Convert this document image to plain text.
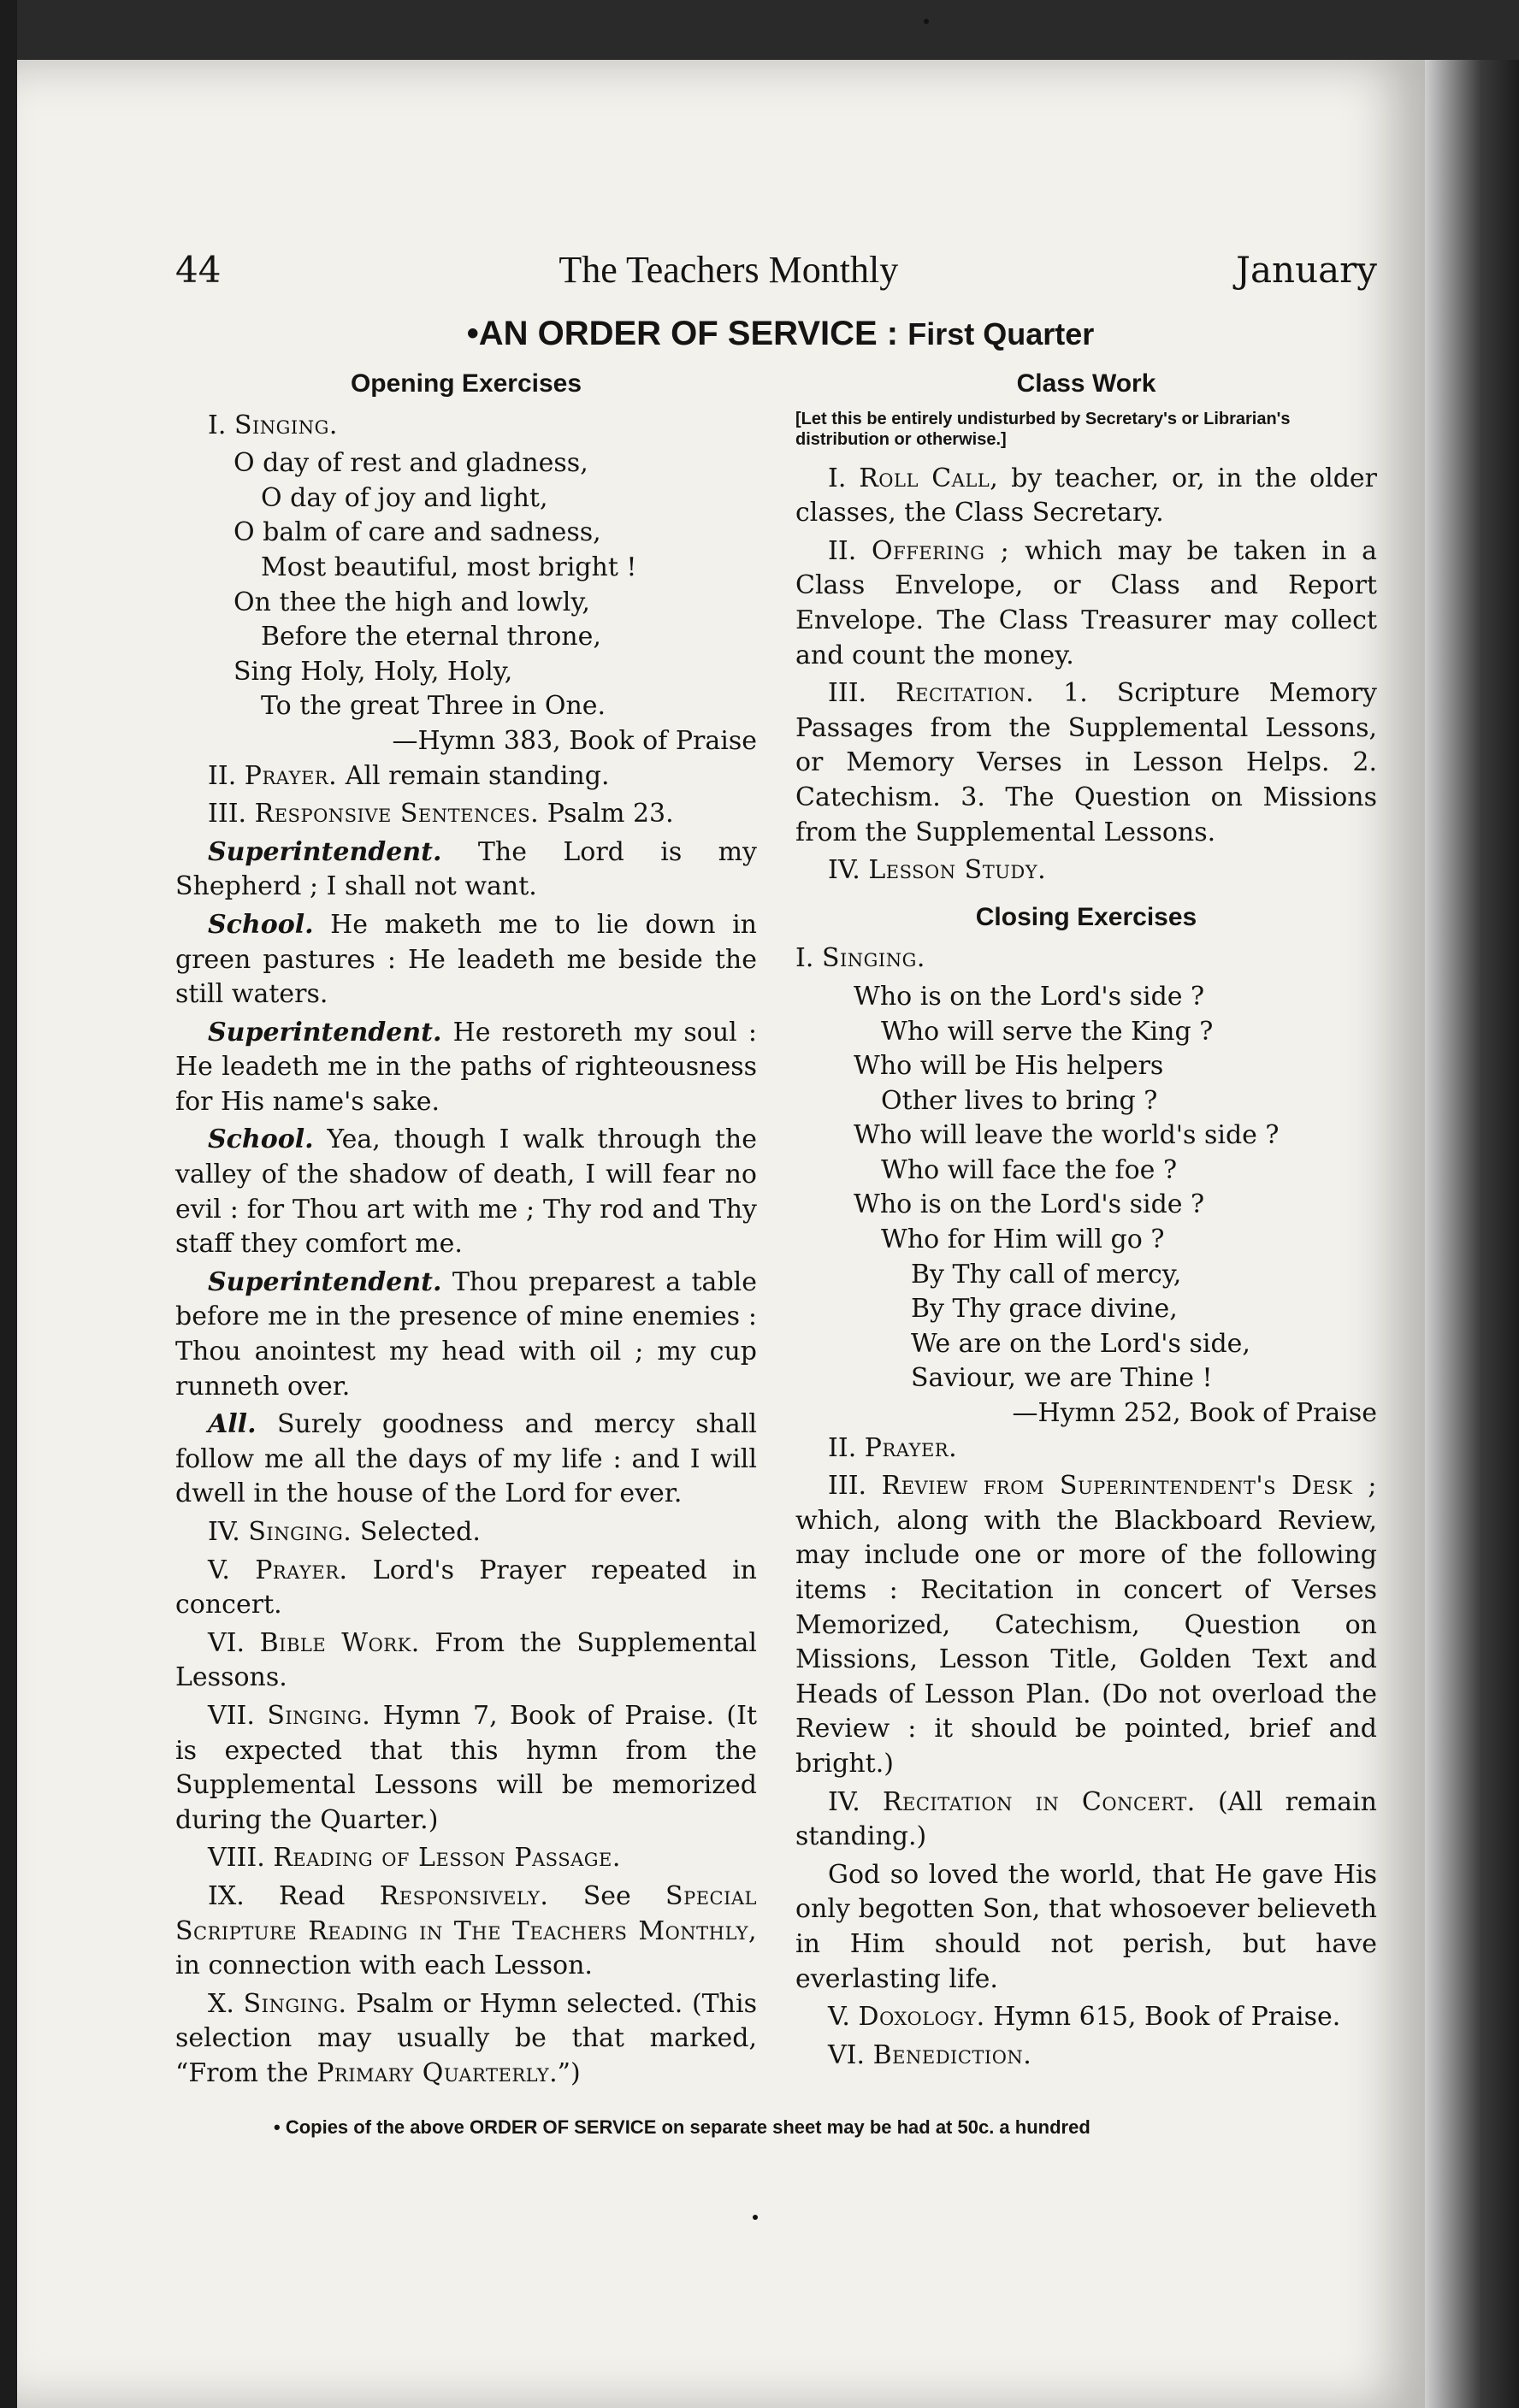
44	The Teachers Monthly	January
•AN ORDER OF SERVICE : First Quarter
Opening Exercises
I. Singing.
O day of rest and gladness,
O day of joy and light,
O balm of care and sadness,
Most beautiful, most bright !
On thee the high and lowly,
Before the eternal throne,
Sing Holy, Holy, Holy,
To the great Three in One.
—Hymn 383, Book of Praise
II. Prayer. All remain standing.
III. Responsive Sentences. Psalm 23.
Superintendent. The Lord is my Shepherd ; I shall not want.
School. He maketh me to lie down in green pastures : He leadeth me beside the still waters.
Superintendent. He restoreth my soul : He leadeth me in the paths of righteousness for His name's sake.
School. Yea, though I walk through the valley of the shadow of death, I will fear no evil : for Thou art with me ; Thy rod and Thy staff they comfort me.
Superintendent. Thou preparest a table before me in the presence of mine enemies : Thou anointest my head with oil ; my cup runneth over.
All. Surely goodness and mercy shall follow me all the days of my life : and I will dwell in the house of the Lord for ever.
IV. Singing. Selected.
V. Prayer. Lord's Prayer repeated in concert.
VI. Bible Work. From the Supplemental Lessons.
VII. Singing. Hymn 7, Book of Praise. (It is expected that this hymn from the Supplemental Lessons will be memorized during the Quarter.)
VIII. Reading of Lesson Passage.
IX. Read Responsively. See Special Scripture Reading in The Teachers Monthly, in connection with each Lesson.
X. Singing. Psalm or Hymn selected. (This selection may usually be that marked, “From the Primary Quarterly.”)
Class Work
[Let this be entirely undisturbed by Secretary's or Librarian's distribution or otherwise.]
I. Roll Call, by teacher, or, in the older classes, the Class Secretary.
II. Offering ; which may be taken in a Class Envelope, or Class and Report Envelope. The Class Treasurer may collect and count the money.
III. Recitation. 1. Scripture Memory Passages from the Supplemental Lessons, or Memory Verses in Lesson Helps. 2. Catechism. 3. The Question on Missions from the Supplemental Lessons.
IV. Lesson Study.
Closing Exercises
I. Singing.
Who is on the Lord's side ?
Who will serve the King ?
Who will be His helpers
Other lives to bring ?
Who will leave the world's side ?
Who will face the foe ?
Who is on the Lord's side ?
Who for Him will go ?
By Thy call of mercy,
By Thy grace divine,
We are on the Lord's side,
Saviour, we are Thine !
—Hymn 252, Book of Praise
II. Prayer.
III. Review from Superintendent's Desk ; which, along with the Blackboard Review, may include one or more of the following items : Recitation in concert of Verses Memorized, Catechism, Question on Missions, Lesson Title, Golden Text and Heads of Lesson Plan. (Do not overload the Review : it should be pointed, brief and bright.)
IV. Recitation in Concert. (All remain standing.)
God so loved the world, that He gave His only begotten Son, that whosoever believeth in Him should not perish, but have everlasting life.
V. Doxology. Hymn 615, Book of Praise.
VI. Benediction.
• Copies of the above ORDER OF SERVICE on separate sheet may be had at 50c. a hundred
